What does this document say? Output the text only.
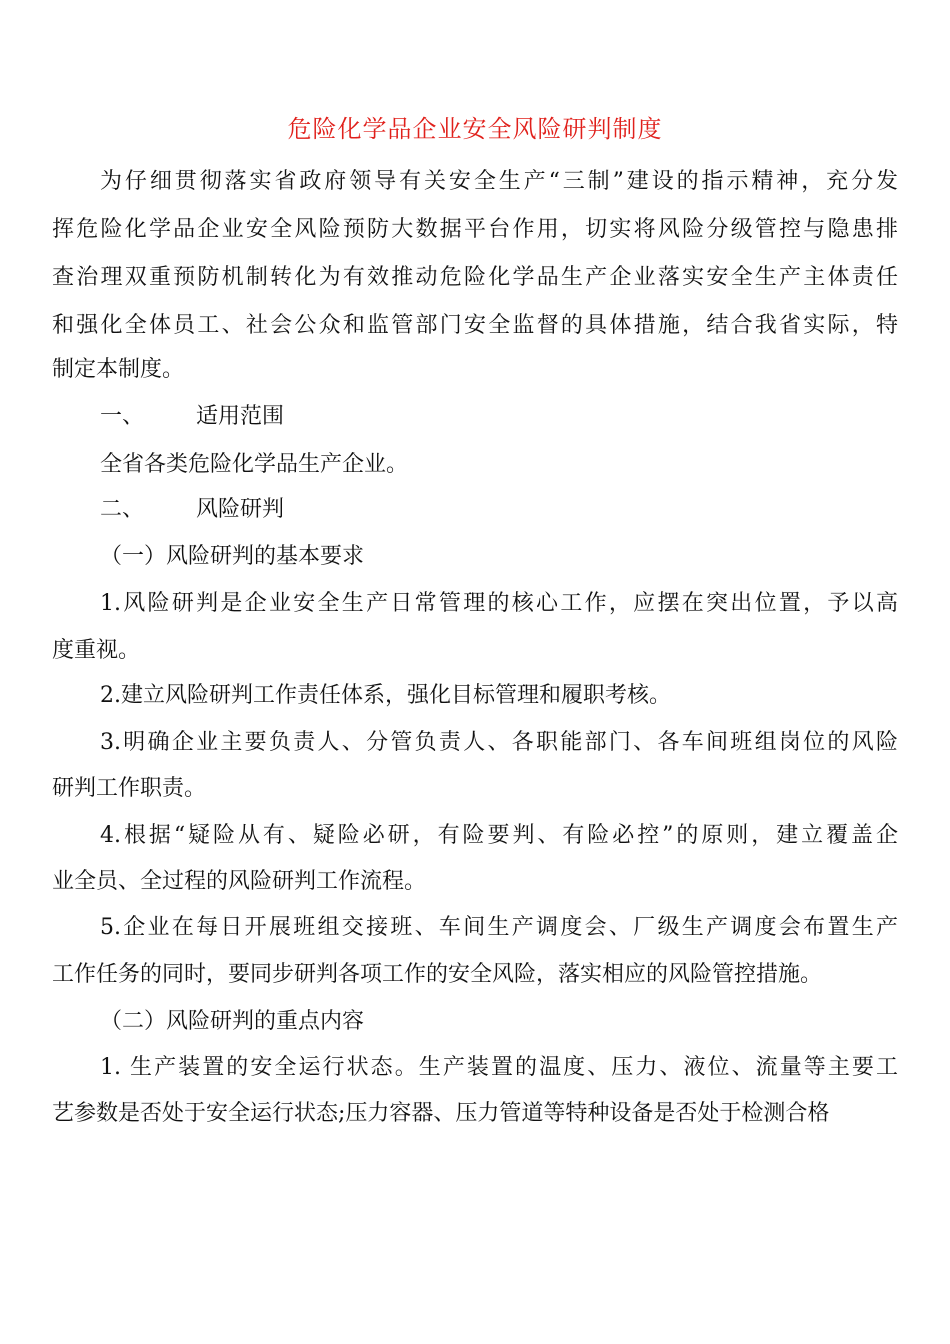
危险化学品企业安全风险研判制度
为仔细贯彻落实省政府领导有关安全生产“三制”建设的指示精神，充分发
挥危险化学品企业安全风险预防大数据平台作用，切实将风险分级管控与隐患排
查治理双重预防机制转化为有效推动危险化学品生产企业落实安全生产主体责任
和强化全体员工、社会公众和监管部门安全监督的具体措施，结合我省实际，特
制定本制度。
一、 适用范围
全省各类危险化学品生产企业。
二、 风险研判
（一）风险研判的基本要求
1.风险研判是企业安全生产日常管理的核心工作，应摆在突出位置，予以高
度重视。
2.建立风险研判工作责任体系，强化目标管理和履职考核。
3.明确企业主要负责人、分管负责人、各职能部门、各车间班组岗位的风险
研判工作职责。
4.根据“疑险从有、疑险必研，有险要判、有险必控”的原则，建立覆盖企
业全员、全过程的风险研判工作流程。
5.企业在每日开展班组交接班、车间生产调度会、厂级生产调度会布置生产
工作任务的同时，要同步研判各项工作的安全风险，落实相应的风险管控措施。
（二）风险研判的重点内容
1. 生产装置的安全运行状态。生产装置的温度、压力、液位、流量等主要工
艺参数是否处于安全运行状态;压力容器、压力管道等特种设备是否处于检测合格
